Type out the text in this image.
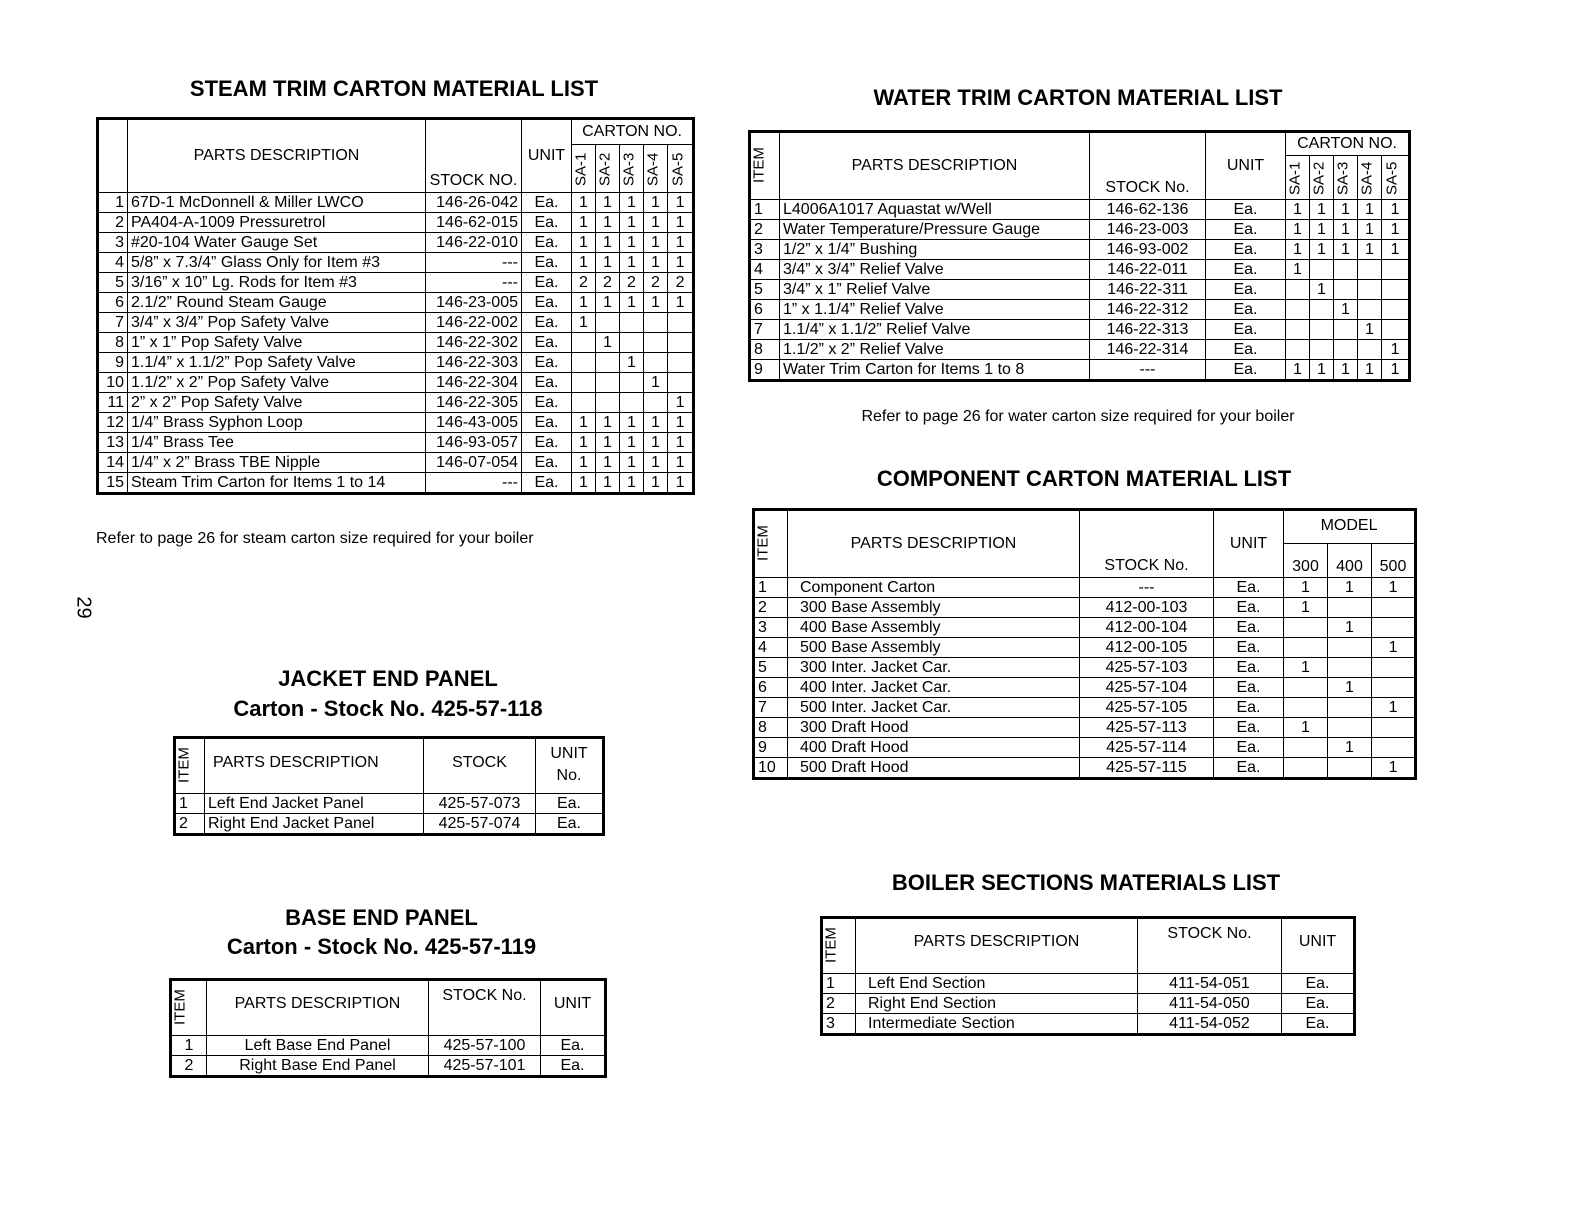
29
STEAM TRIM CARTON MATERIAL LIST
	PARTS DESCRIPTION	STOCK NO.	UNIT	CARTON NO.				
				SA-1	SA-2	SA-3	SA-4	SA-5
1	67D-1 McDonnell & Miller LWCO	146-26-042	Ea.	1	1	1	1	1
2	PA404-A-1009 Pressuretrol	146-62-015	Ea.	1	1	1	1	1
3	#20-104 Water Gauge Set	146-22-010	Ea.	1	1	1	1	1
4	5/8” x 7.3/4” Glass Only for Item #3	---	Ea.	1	1	1	1	1
5	3/16” x 10” Lg. Rods for Item #3	---	Ea.	2	2	2	2	2
6	2.1/2” Round Steam Gauge	146-23-005	Ea.	1	1	1	1	1
7	3/4” x 3/4” Pop Safety Valve	146-22-002	Ea.	1				
8	1” x 1” Pop Safety Valve	146-22-302	Ea.		1			
9	1.1/4” x 1.1/2” Pop Safety Valve	146-22-303	Ea.			1		
10	1.1/2” x 2” Pop Safety Valve	146-22-304	Ea.				1	
11	2” x 2” Pop Safety Valve	146-22-305	Ea.					1
12	1/4” Brass Syphon Loop	146-43-005	Ea.	1	1	1	1	1
13	1/4” Brass Tee	146-93-057	Ea.	1	1	1	1	1
14	1/4” x 2” Brass TBE Nipple	146-07-054	Ea.	1	1	1	1	1
15	Steam Trim Carton for Items 1 to 14	---	Ea.	1	1	1	1	1
Refer to page 26 for steam carton size required for your boiler
JACKET END PANEL
Carton - Stock No. 425-57-118
ITEM	PARTS DESCRIPTION	STOCK	UNIT No.
1	Left End Jacket Panel	425-57-073	Ea.
2	Right End Jacket Panel	425-57-074	Ea.
BASE END PANEL
Carton - Stock No. 425-57-119
ITEM	PARTS DESCRIPTION	STOCK No.	UNIT
1	Left Base End Panel	425-57-100	Ea.
2	Right Base End Panel	425-57-101	Ea.
WATER TRIM CARTON MATERIAL LIST
ITEM	PARTS DESCRIPTION	STOCK No.	UNIT	CARTON NO.				
				SA-1	SA-2	SA-3	SA-4	SA-5
1	L4006A1017 Aquastat w/Well	146-62-136	Ea.	1	1	1	1	1
2	Water Temperature/Pressure Gauge	146-23-003	Ea.	1	1	1	1	1
3	1/2” x 1/4” Bushing	146-93-002	Ea.	1	1	1	1	1
4	3/4” x 3/4” Relief Valve	146-22-011	Ea.	1				
5	3/4” x 1” Relief Valve	146-22-311	Ea.		1			
6	1” x 1.1/4” Relief Valve	146-22-312	Ea.			1		
7	1.1/4” x 1.1/2” Relief Valve	146-22-313	Ea.				1	
8	1.1/2” x 2” Relief Valve	146-22-314	Ea.					1
9	Water Trim Carton for Items 1 to 8	---	Ea.	1	1	1	1	1
Refer to page 26 for water carton size required for your boiler
COMPONENT CARTON MATERIAL LIST
ITEM	PARTS DESCRIPTION	STOCK No.	UNIT	MODEL		
				300	400	500
1	Component Carton	---	Ea.	1	1	1
2	300 Base Assembly	412-00-103	Ea.	1		
3	400 Base Assembly	412-00-104	Ea.		1	
4	500 Base Assembly	412-00-105	Ea.			1
5	300 Inter. Jacket Car.	425-57-103	Ea.	1		
6	400 Inter. Jacket Car.	425-57-104	Ea.		1	
7	500 Inter. Jacket Car.	425-57-105	Ea.			1
8	300 Draft Hood	425-57-113	Ea.	1		
9	400 Draft Hood	425-57-114	Ea.		1	
10	500 Draft Hood	425-57-115	Ea.			1
BOILER SECTIONS MATERIALS LIST
ITEM	PARTS DESCRIPTION	STOCK No.	UNIT
1	Left End Section	411-54-051	Ea.
2	Right End Section	411-54-050	Ea.
3	Intermediate Section	411-54-052	Ea.
